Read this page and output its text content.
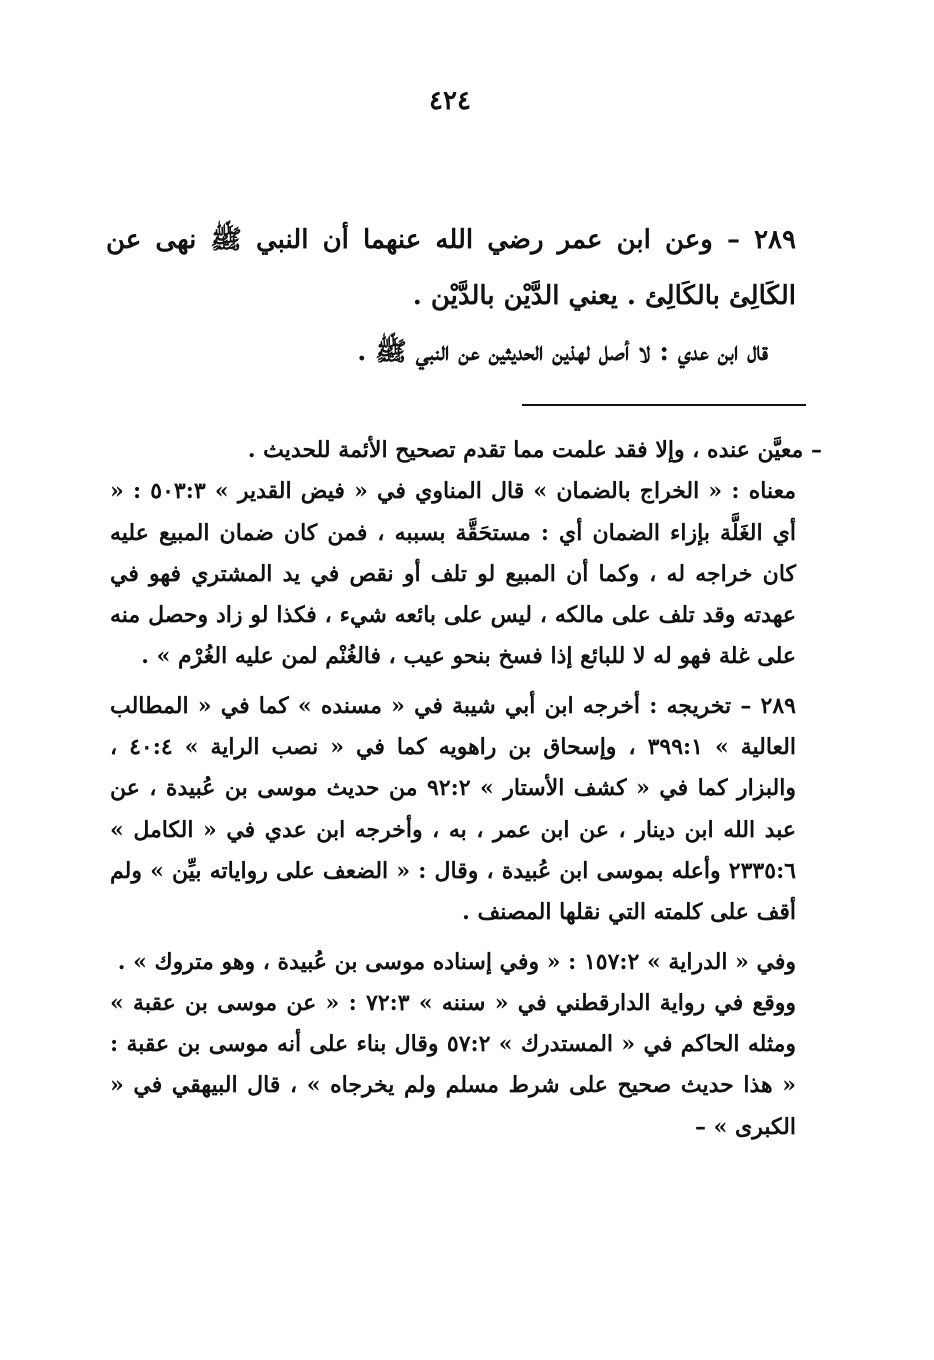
٤٢٤

٢٨٩ – وعن ابن عمر رضي الله عنهما أن النبي ﷺ نهى عن الكَالِئ بالكَالِئ . يعني الدَّيْن بالدَّيْن .

قال ابن عدي : لا أصل لهذين الحديثين عن النبي ﷺ .

– معيَّن عنده ، وإلا فقد علمت مما تقدم تصحيح الأئمة للحديث .

معناه : « الخراج بالضمان » قال المناوي في « فيض القدير » ٥٠٣:٣ : « أي الغَلَّة بإزاء الضمان أي : مستحَقَّة بسببه ، فمن كان ضمان المبيع عليه كان خراجه له ، وكما أن المبيع لو تلف أو نقص في يد المشتري فهو في عهدته وقد تلف على مالكه ، ليس على بائعه شيء ، فكذا لو زاد وحصل منه على غلة فهو له لا للبائع إذا فسخ بنحو عيب ، فالغُنْم لمن عليه الغُرْم » .

٢٨٩ – تخريجه : أخرجه ابن أبي شيبة في « مسنده » كما في « المطالب العالية » ٣٩٩:١ ، وإسحاق بن راهويه كما في « نصب الراية » ٤٠:٤ ، والبزار كما في « كشف الأستار » ٩٢:٢ من حديث موسى بن عُبيدة ، عن عبد الله ابن دينار ، عن ابن عمر ، به ، وأخرجه ابن عدي في « الكامل » ٢٣٣٥:٦ وأعله بموسى ابن عُبيدة ، وقال : « الضعف على رواياته بيِّن » ولم أقف على كلمته التي نقلها المصنف .

وفي « الدراية » ١٥٧:٢ : « وفي إسناده موسى بن عُبيدة ، وهو متروك » .

ووقع في رواية الدارقطني في « سننه » ٧٢:٣ : « عن موسى بن عقبة » ومثله الحاكم في « المستدرك » ٥٧:٢ وقال بناء على أنه موسى بن عقبة : « هذا حديث صحيح على شرط مسلم ولم يخرجاه » ، قال البيهقي في « الكبرى » –
